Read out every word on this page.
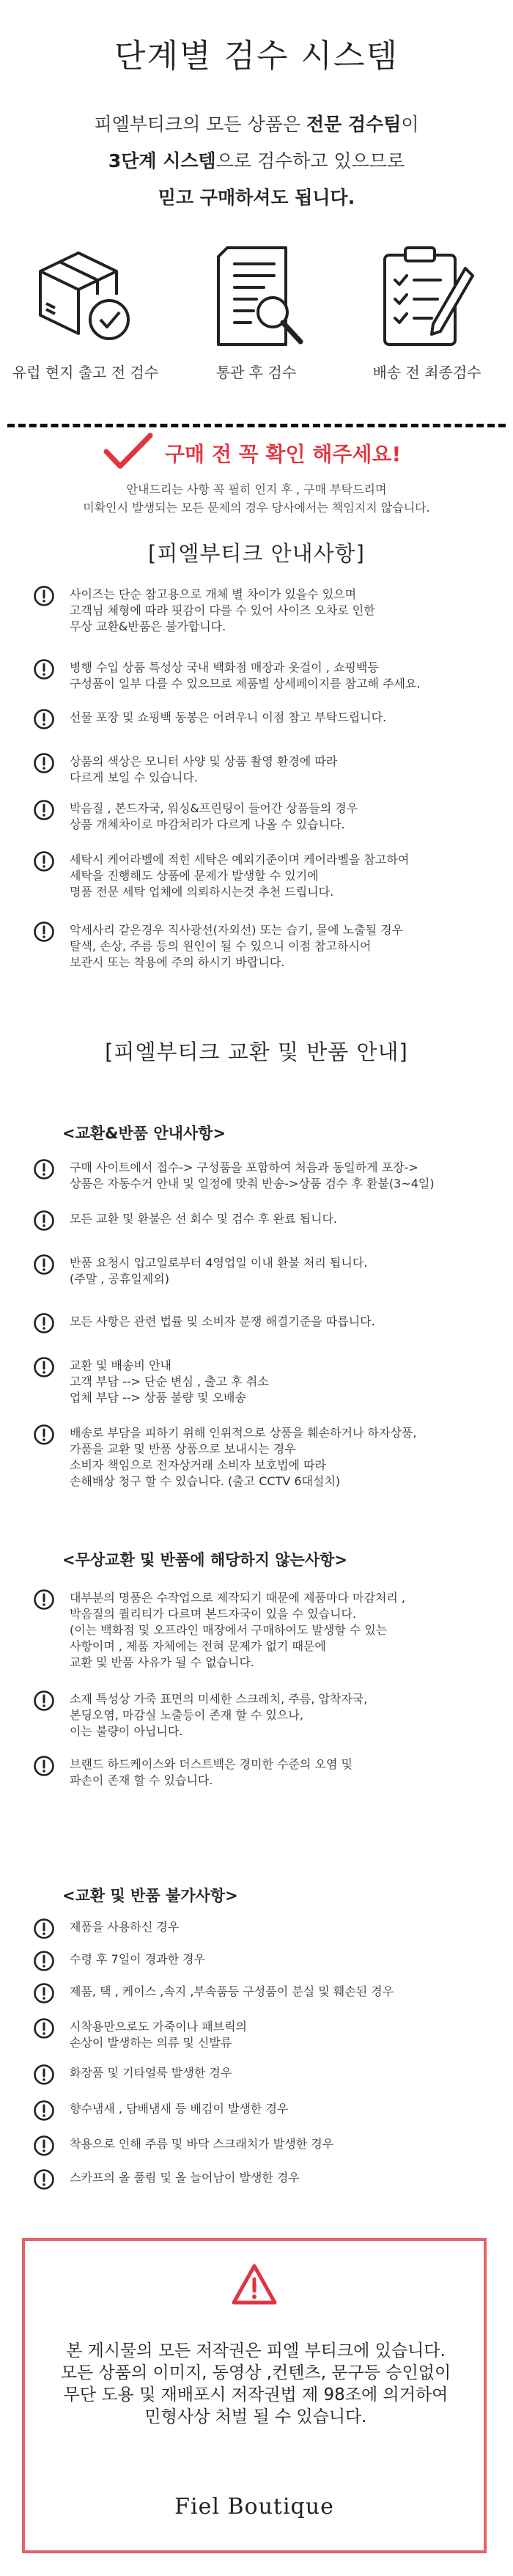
단계별 검수 시스템
피엘부티크의 모든 상품은 전문 검수팀이
3단계 시스템으로 검수하고 있으므로
믿고 구매하셔도 됩니다.
유럽 현지 출고 전 검수	통관 후 검수	배송 전 최종검수
구매 전 꼭 확인 해주세요!
안내드리는 사항 꼭 필히 인지 후 , 구매 부탁드리며
미확인시 발생되는 모든 문제의 경우 당사에서는 책임지지 않습니다.
[피엘부티크 안내사항]
사이즈는 단순 참고용으로 개체 별 차이가 있을수 있으며
고객님 체형에 따라 핏감이 다를 수 있어 사이즈 오차로 인한
무상 교환&반품은 불가합니다.
병행 수입 상품 특성상 국내 백화점 매장과 옷걸이 , 쇼핑백등
구성품이 일부 다를 수 있으므로 제품별 상세페이지를 참고해 주세요.
선물 포장 및 쇼핑백 동봉은 어려우니 이점 참고 부탁드립니다.
상품의 색상은 모니터 사양 및 상품 촬영 환경에 따라
다르게 보일 수 있습니다.
박음질 , 본드자국, 워싱&프린팅이 들어간 상품들의 경우
상품 개체차이로 마감처리가 다르게 나올 수 있습니다.
세탁시 케어라벨에 적힌 세탁은 예외기준이며 케어라벨을 참고하여
세탁을 진행해도 상품에 문제가 발생할 수 있기에
명품 전문 세탁 업체에 의뢰하시는것 추천 드립니다.
악세사리 같은경우 직사광선(자외선) 또는 습기, 물에 노출될 경우
탈색, 손상, 주름 등의 원인이 될 수 있으니 이점 참고하시어
보관시 또는 착용에 주의 하시기 바랍니다.
[피엘부티크 교환 및 반품 안내]
<교환&반품 안내사항>
구매 사이트에서 접수-> 구성품을 포함하여 처음과 동일하게 포장->
상품은 자동수거 안내 및 일정에 맞춰 반송->상품 검수 후 환불(3~4일)
모든 교환 및 환불은 선 회수 및 검수 후 완료 됩니다.
반품 요청시 입고일로부터 4영업일 이내 환불 처리 됩니다.
(주말 , 공휴일제외)
모든 사항은 관련 법률 및 소비자 분쟁 해결기준을 따릅니다.
교환 및 배송비 안내
고객 부담 --> 단순 변심 , 출고 후 취소
업체 부담 --> 상품 불량 및 오배송
배송로 부담을 피하기 위해 인위적으로 상품을 훼손하거나 하자상품,
가품을 교환 및 반품 상품으로 보내시는 경우
소비자 책임으로 전자상거래 소비자 보호법에 따라
손해배상 청구 할 수 있습니다. (출고 CCTV 6대설치)
<무상교환 및 반품에 해당하지 않는사항>
대부분의 명품은 수작업으로 제작되기 때문에 제품마다 마감처리 ,
박음질의 퀄리티가 다르며 본드자국이 있을 수 있습니다.
(이는 백화점 및 오프라인 매장에서 구매하여도 발생할 수 있는
사항이며 , 제품 자체에는 전혀 문제가 없기 때문에
교환 및 반품 사유가 될 수 없습니다.
소재 특성상 가죽 표면의 미세한 스크레치, 주름, 압착자국,
본딩오염, 마감실 노출등이 존재 할 수 있으나,
이는 불량이 아닙니다.
브랜드 하드케이스와 더스트백은 경미한 수준의 오염 및
파손이 존재 할 수 있습니다.
<교환 및 반품 불가사항>
제품을 사용하신 경우
수령 후 7일이 경과한 경우
제품, 택 , 케이스 ,속지 ,부속품등 구성품이 분실 및 훼손된 경우
시착용만으로도 가죽이나 패브릭의
손상이 발생하는 의류 및 신발류
화장품 및 기타얼룩 발생한 경우
향수냄새 , 담배냄새 등 배김이 발생한 경우
착용으로 인해 주름 및 바닥 스크래치가 발생한 경우
스카프의 올 풀림 및 올 늘어남이 발생한 경우
본 게시물의 모든 저작권은 피엘 부티크에 있습니다.
모든 상품의 이미지, 동영상 ,컨텐츠, 문구등 승인없이
무단 도용 및 재배포시 저작권법 제 98조에 의거하여
민형사상 처벌 될 수 있습니다.
Fiel Boutique
